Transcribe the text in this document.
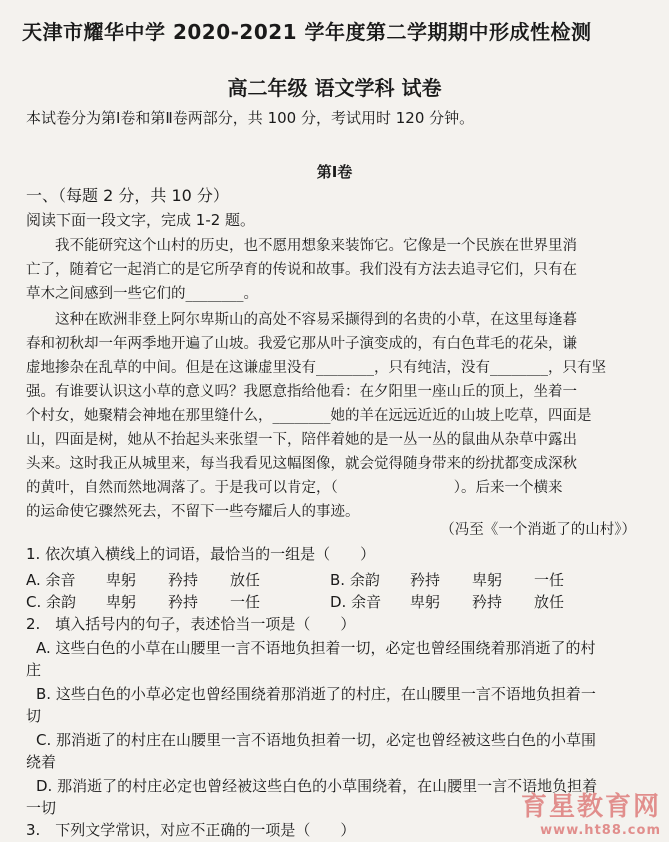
天津市耀华中学 2020-2021 学年度第二学期期中形成性检测
高二年级 语文学科 试卷
本试卷分为第Ⅰ卷和第Ⅱ卷两部分，共 100 分，考试用时 120 分钟。
第Ⅰ卷
一、（每题 2 分，共 10 分）
阅读下面一段文字，完成 1-2 题。
　　我不能研究这个山村的历史，也不愿用想象来装饰它。它像是一个民族在世界里消
亡了，随着它一起消亡的是它所孕育的传说和故事。我们没有方法去追寻它们，只有在
草木之间感到一些它们的________。
　　这种在欧洲非登上阿尔卑斯山的高处不容易采撷得到的名贵的小草，在这里每逢暮
春和初秋却一年两季地开遍了山坡。我爱它那从叶子演变成的，有白色茸毛的花朵，谦
虚地掺杂在乱草的中间。但是在这谦虚里没有________，只有纯洁，没有________，只有坚
强。有谁要认识这小草的意义吗？我愿意指给他看：在夕阳里一座山丘的顶上，坐着一
个村女，她聚精会神地在那里缝什么，________她的羊在远远近近的山坡上吃草，四面是
山，四面是树，她从不抬起头来张望一下，陪伴着她的是一丛一丛的鼠曲从杂草中露出
头来。这时我正从城里来，每当我看见这幅图像，就会觉得随身带来的纷扰都变成深秋
的黄叶，自然而然地凋落了。于是我可以肯定，（　　　　　　　　）。后来一个横来
的运命使它骤然死去，不留下一些夸耀后人的事迹。
（冯至《一个消逝了的山村》）
1. 依次填入横线上的词语，最恰当的一组是（　　）
A. 余音	卑躬	矜持	放任	B. 余韵	矜持	卑躬	一任
C. 余韵	卑躬	矜持	一任	D. 余音	卑躬	矜持	放任
2.　填入括号内的句子，表述恰当一项是（　　）
A. 这些白色的小草在山腰里一言不语地负担着一切，必定也曾经围绕着那消逝了的村
庄
B. 这些白色的小草必定也曾经围绕着那消逝了的村庄，在山腰里一言不语地负担着一
切
C. 那消逝了的村庄在山腰里一言不语地负担着一切，必定也曾经被这些白色的小草围
绕着
D. 那消逝了的村庄必定也曾经被这些白色的小草围绕着，在山腰里一言不语地负担着
一切
3.　下列文学常识，对应不正确的一项是（　　）
育星教育网
www.ht88.com
